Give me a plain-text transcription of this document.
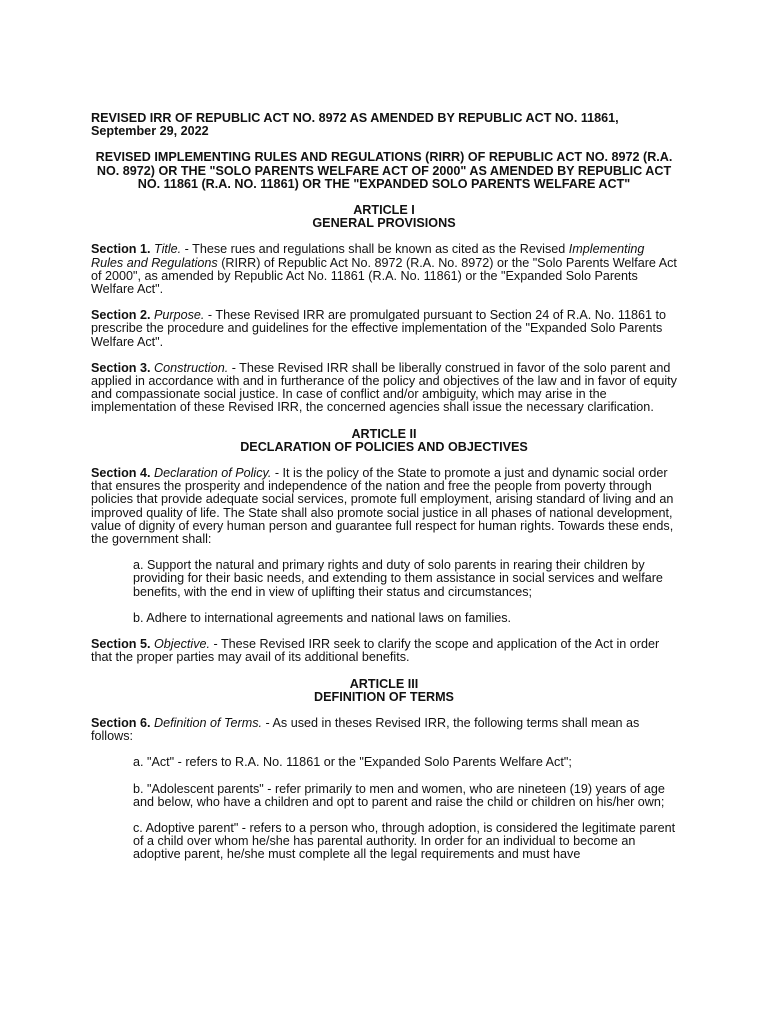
REVISED IRR OF REPUBLIC ACT NO. 8972 AS AMENDED BY REPUBLIC ACT NO. 11861, September 29, 2022
REVISED IMPLEMENTING RULES AND REGULATIONS (RIRR) OF REPUBLIC ACT NO. 8972 (R.A. NO. 8972) OR THE "SOLO PARENTS WELFARE ACT OF 2000" AS AMENDED BY REPUBLIC ACT NO. 11861 (R.A. NO. 11861) OR THE "EXPANDED SOLO PARENTS WELFARE ACT"
ARTICLE I
GENERAL PROVISIONS

Section 1. Title. - These rues and regulations shall be known as cited as the Revised Implementing Rules and Regulations (RIRR) of Republic Act No. 8972 (R.A. No. 8972) or the "Solo Parents Welfare Act of 2000", as amended by Republic Act No. 11861 (R.A. No. 11861) or the "Expanded Solo Parents Welfare Act".

Section 2. Purpose. - These Revised IRR are promulgated pursuant to Section 24 of R.A. No. 11861 to prescribe the procedure and guidelines for the effective implementation of the "Expanded Solo Parents Welfare Act".

Section 3. Construction. - These Revised IRR shall be liberally construed in favor of the solo parent and applied in accordance with and in furtherance of the policy and objectives of the law and in favor of equity and compassionate social justice. In case of conflict and/or ambiguity, which may arise in the implementation of these Revised IRR, the concerned agencies shall issue the necessary clarification.

ARTICLE II
DECLARATION OF POLICIES AND OBJECTIVES

Section 4. Declaration of Policy. - It is the policy of the State to promote a just and dynamic social order that ensures the prosperity and independence of the nation and free the people from poverty through policies that provide adequate social services, promote full employment, arising standard of living and an improved quality of life. The State shall also promote social justice in all phases of national development, value of dignity of every human person and guarantee full respect for human rights. Towards these ends, the government shall:

a. Support the natural and primary rights and duty of solo parents in rearing their children by providing for their basic needs, and extending to them assistance in social services and welfare benefits, with the end in view of uplifting their status and circumstances;

b. Adhere to international agreements and national laws on families.

Section 5. Objective. - These Revised IRR seek to clarify the scope and application of the Act in order that the proper parties may avail of its additional benefits.

ARTICLE III
DEFINITION OF TERMS

Section 6. Definition of Terms. - As used in theses Revised IRR, the following terms shall mean as follows:

a. "Act" - refers to R.A. No. 11861 or the "Expanded Solo Parents Welfare Act";

b. "Adolescent parents" - refer primarily to men and women, who are nineteen (19) years of age and below, who have a children and opt to parent and raise the child or children on his/her own;

c. Adoptive parent" - refers to a person who, through adoption, is considered the legitimate parent of a child over whom he/she has parental authority. In order for an individual to become an adoptive parent, he/she must complete all the legal requirements and must have
